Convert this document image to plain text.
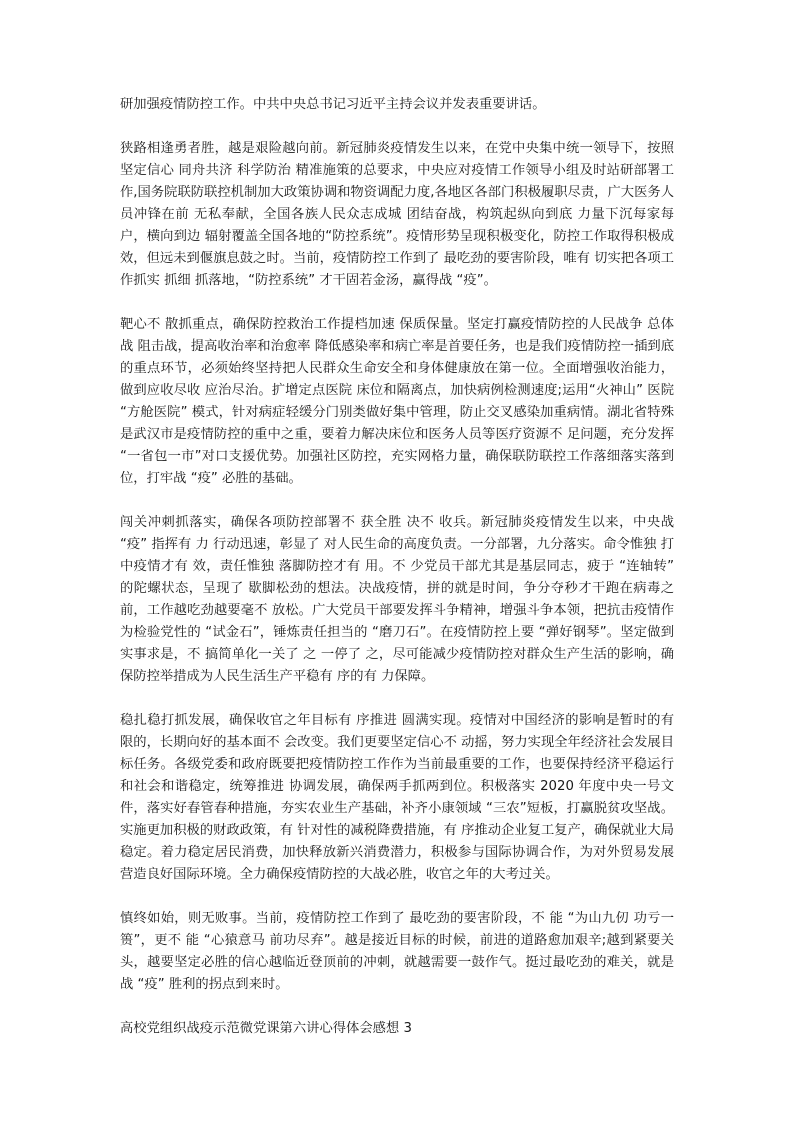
研加强疫情防控工作。中共中央总书记习近平主持会议并发表重要讲话。

狭路相逢勇者胜，越是艰险越向前。新冠肺炎疫情发生以来，在党中央集中统一领导下，按照坚定信心 同舟共济 科学防治 精准施策的总要求，中央应对疫情工作领导小组及时站研部署工作,国务院联防联控机制加大政策协调和物资调配力度,各地区各部门积极履职尽责，广大医务人员冲锋在前 无私奉献，全国各族人民众志成城 团结奋战，构筑起纵向到底 力量下沉每家每户，横向到边 辐射覆盖全国各地的“防控系统”。疫情形势呈现积极变化，防控工作取得积极成效，但远未到偃旗息鼓之时。当前，疫情防控工作到了 最吃劲的要害阶段，唯有 切实把各项工作抓实 抓细 抓落地，“防控系统” 才干固若金汤，赢得战 “疫”。

靶心不 散抓重点，确保防控救治工作提档加速 保质保量。坚定打赢疫情防控的人民战争 总体战 阻击战，提高收治率和治愈率 降低感染率和病亡率是首要任务，也是我们疫情防控一插到底的重点环节，必须始终坚持把人民群众生命安全和身体健康放在第一位。全面增强收治能力，做到应收尽收 应治尽治。扩增定点医院 床位和隔离点，加快病例检测速度;运用“火神山” 医院 “方舱医院” 模式，针对病症轻缓分门别类做好集中管理，防止交叉感染加重病情。湖北省特殊是武汉市是疫情防控的重中之重，要着力解决床位和医务人员等医疗资源不 足问题，充分发挥 “一省包一市”对口支援优势。加强社区防控，充实网格力量，确保联防联控工作落细落实落到位，打牢战 “疫” 必胜的基础。

闯关冲刺抓落实，确保各项防控部署不 获全胜 决不 收兵。新冠肺炎疫情发生以来，中央战 “疫” 指挥有 力 行动迅速，彰显了 对人民生命的高度负责。一分部署，九分落实。命令惟独 打中疫情才有 效，责任惟独 落脚防控才有 用。不 少党员干部尤其是基层同志，疲于 “连轴转” 的陀螺状态，呈现了 歇脚松劲的想法。决战疫情，拼的就是时间，争分夺秒才干跑在病毒之前，工作越吃劲越要毫不 放松。广大党员干部要发挥斗争精神，增强斗争本领，把抗击疫情作为检验党性的 “试金石”，锤炼责任担当的 “磨刀石”。在疫情防控上要 “弹好钢琴”。坚定做到实事求是，不 搞简单化一关了 之 一停了 之，尽可能减少疫情防控对群众生产生活的影响，确保防控举措成为人民生活生产平稳有 序的有 力保障。

稳扎稳打抓发展，确保收官之年目标有 序推进 圆满实现。疫情对中国经济的影响是暂时的有 限的，长期向好的基本面不 会改变。我们更要坚定信心不 动摇，努力实现全年经济社会发展目标任务。各级党委和政府既要把疫情防控工作作为当前最重要的工作，也要保持经济平稳运行和社会和谐稳定，统筹推进 协调发展，确保两手抓两到位。积极落实 2020 年度中央一号文件，落实好春管春种措施，夯实农业生产基础，补齐小康领域 “三农”短板，打赢脱贫攻坚战。实施更加积极的财政政策，有 针对性的减税降费措施，有 序推动企业复工复产，确保就业大局稳定。着力稳定居民消费，加快释放新兴消费潜力，积极参与国际协调合作，为对外贸易发展营造良好国际环境。全力确保疫情防控的大战必胜，收官之年的大考过关。

慎终如始，则无败事。当前，疫情防控工作到了 最吃劲的要害阶段，不 能 “为山九仞 功亏一篑”，更不 能 “心猿意马 前功尽弃”。越是接近目标的时候，前进的道路愈加艰辛;越到紧要关头，越要坚定必胜的信心越临近登顶前的冲刺，就越需要一鼓作气。挺过最吃劲的难关，就是战 “疫” 胜利的拐点到来时。

高校党组织战疫示范微党课第六讲心得体会感想 3
